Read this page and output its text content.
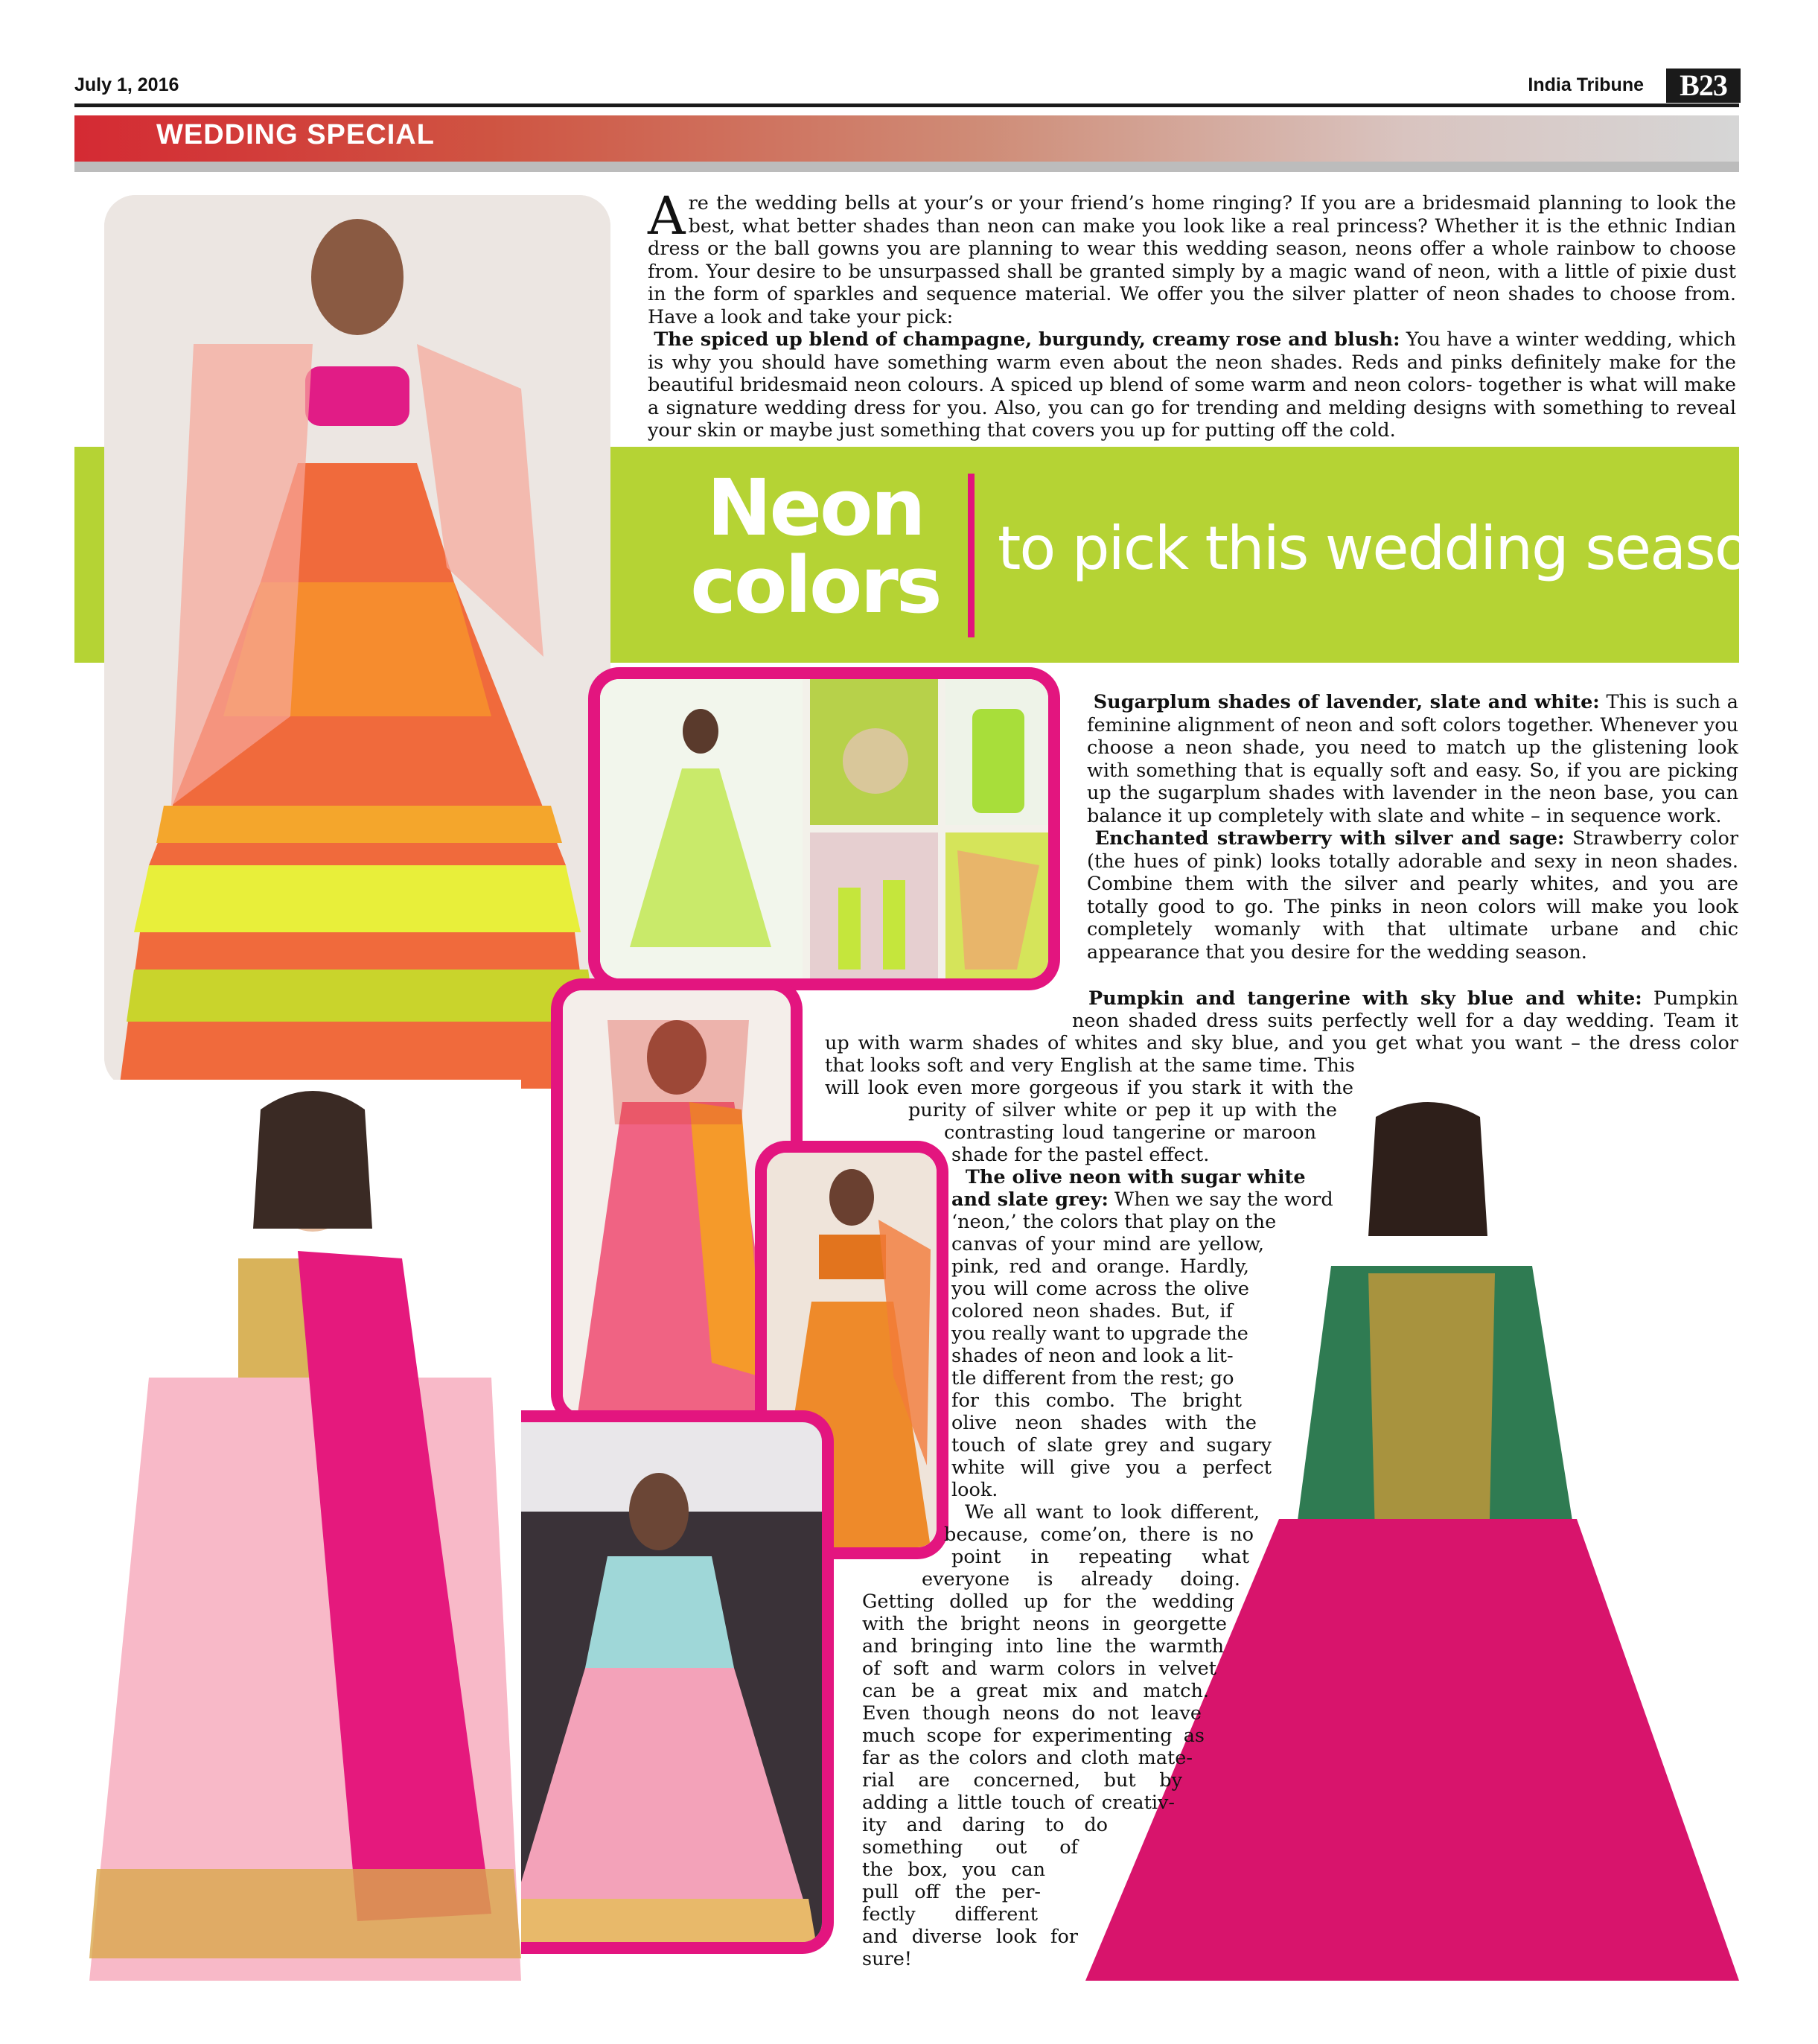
July 1, 2016	India Tribune	B23
WEDDING SPECIAL
Neon
colors to pick this wedding season

Are the wedding bells at your’s or your friend’s home ringing? If you are a bridesmaid planning to look the best, what better shades than neon can make you look like a real princess? Whether it is the ethnic Indian dress or the ball gowns you are planning to wear this wedding season, neons offer a whole rainbow to choose from. Your desire to be unsurpassed shall be granted simply by a magic wand of neon, with a little of pixie dust in the form of sparkles and sequence material. We offer you the silver platter of neon shades to choose from. Have a look and take your pick:

The spiced up blend of champagne, burgundy, creamy rose and blush: You have a winter wedding, which is why you should have something warm even about the neon shades. Reds and pinks definitely make for the beautiful bridesmaid neon colours. A spiced up blend of some warm and neon colors- together is what will make a signature wedding dress for you. Also, you can go for trending and melding designs with something to reveal your skin or maybe just something that covers you up for putting off the cold.

Sugarplum shades of lavender, slate and white: This is such a feminine alignment of neon and soft colors together. Whenever you choose a neon shade, you need to match up the glistening look with something that is equally soft and easy. So, if you are picking up the sugarplum shades with lavender in the neon base, you can balance it up completely with slate and white – in sequence work.

Enchanted strawberry with silver and sage: Strawberry color (the hues of pink) looks totally adorable and sexy in neon shades. Combine them with the silver and pearly whites, and you are totally good to go. The pinks in neon colors will make you look completely womanly with that ultimate urbane and chic appearance that you desire for the wedding season.

Pumpkin and tangerine with sky blue and white: Pumpkin
neon shaded dress suits perfectly well for a day wedding. Team it
up with warm shades of whites and sky blue, and you get what you want – the dress color
that looks soft and very English at the same time. This
will look even more gorgeous if you stark it with the
purity of silver white or pep it up with the
contrasting loud tangerine or maroon
shade for the pastel effect.
The olive neon with sugar white
and slate grey: When we say the word
‘neon,’ the colors that play on the
canvas of your mind are yellow,
pink, red and orange. Hardly,
you will come across the olive
colored neon shades. But, if
you really want to upgrade the
shades of neon and look a lit-
tle different from the rest; go
for this combo. The bright
olive neon shades with the
touch of slate grey and sugary
white will give you a perfect
look.
We all want to look different,
because, come’on, there is no
point in repeating what
everyone is already doing.
Getting dolled up for the wedding
with the bright neons in georgette
and bringing into line the warmth
of soft and warm colors in velvet
can be a great mix and match.
Even though neons do not leave
much scope for experimenting as
far as the colors and cloth mate-
rial are concerned, but by
adding a little touch of creativ-
ity and daring to do
something out of
the box, you can
pull off the per-
fectly different
and diverse look for
sure!
